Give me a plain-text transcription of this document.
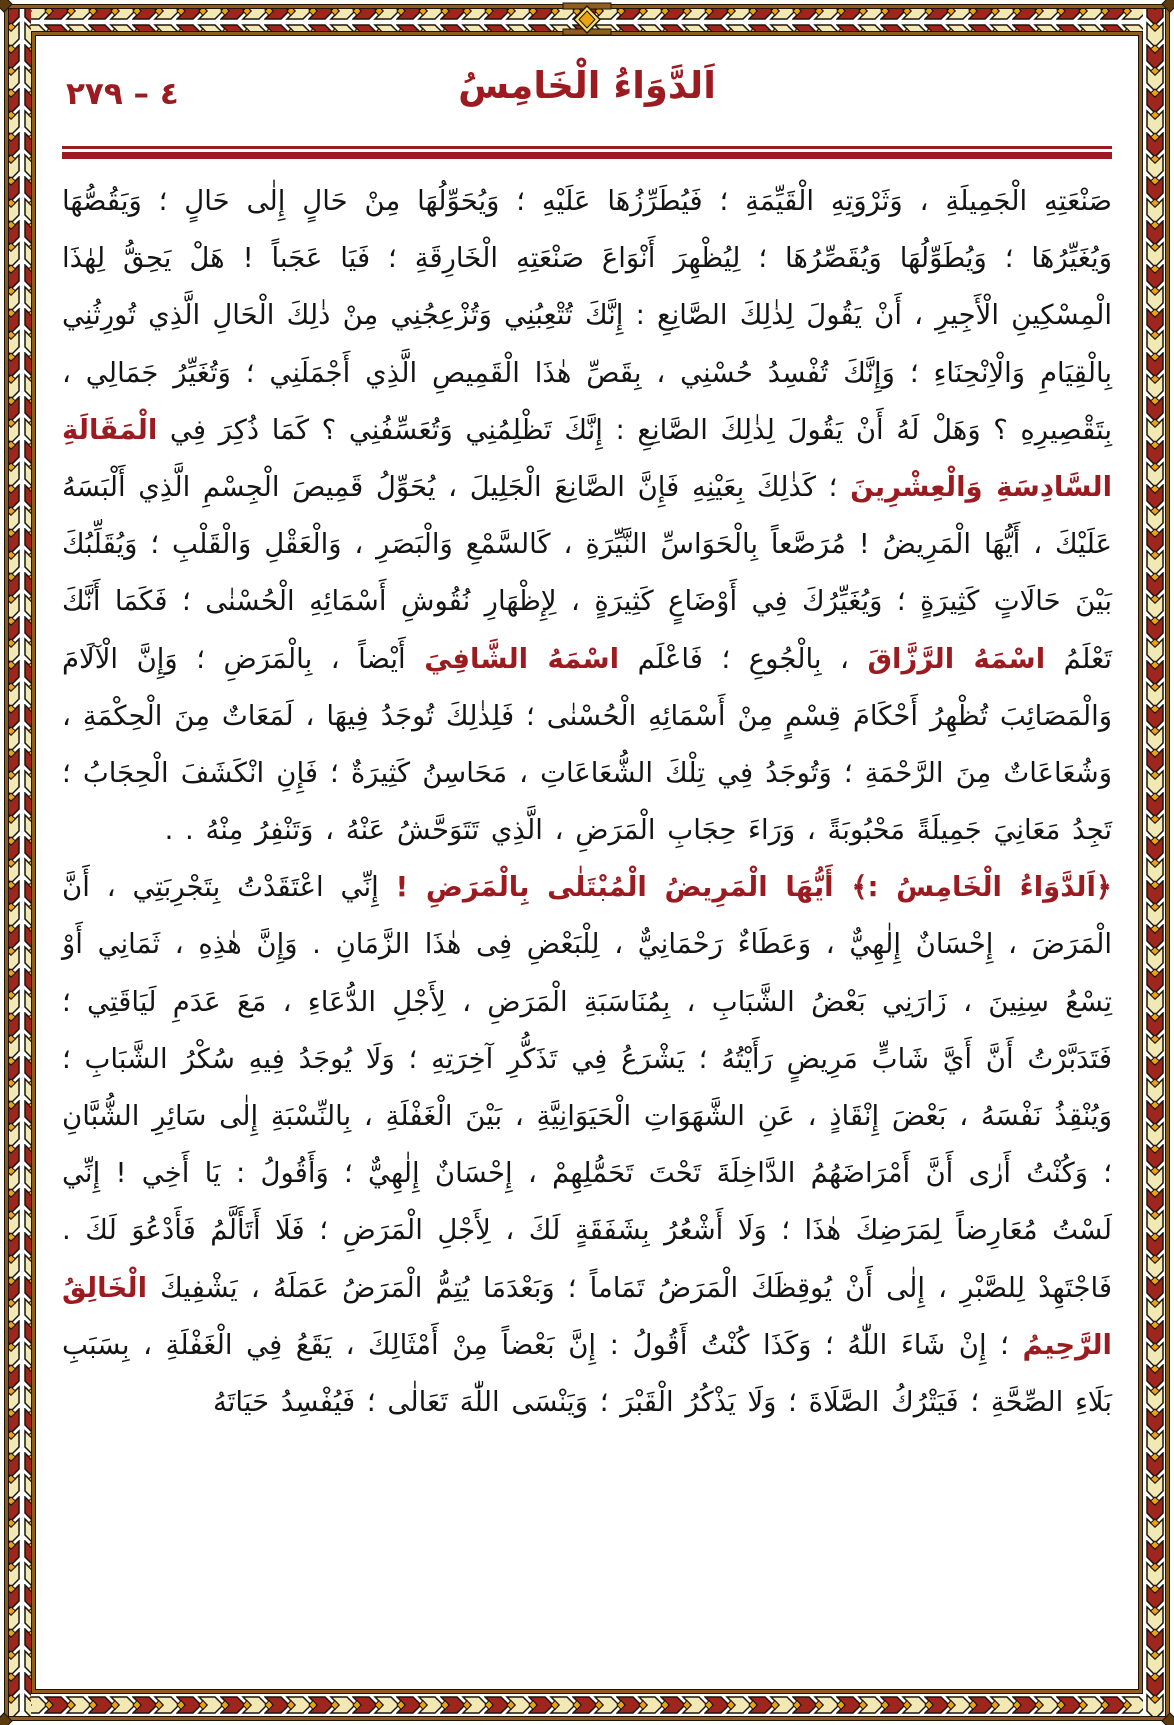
٤ – ٢٧٩	اَلدَّوَاءُ الْخَامِسُ

صَنْعَتِهِ الْجَمِيلَةِ ، وَثَرْوَتِهِ الْقَيِّمَةِ ؛ فَيُطَرِّزُهَا عَلَيْهِ ؛ وَيُحَوِّلُهَا مِنْ حَالٍ إِلٰى حَالٍ ؛ وَيَقُصُّهَا وَيُغَيِّرُهَا ؛ وَيُطَوِّلُهَا وَيُقَصِّرُهَا ؛ لِيُظْهِرَ أَنْوَاعَ صَنْعَتِهِ الْخَارِقَةِ ؛ فَيَا عَجَباً ! هَلْ يَحِقُّ لِهٰذَا الْمِسْكِينِ الْأَجِيرِ ، أَنْ يَقُولَ لِذٰلِكَ الصَّانِعِ : إِنَّكَ تُتْعِبُنِي وَتُزْعِجُنِي مِنْ ذٰلِكَ الْحَالِ الَّذِي تُورِثُنِي بِالْقِيَامِ وَالْاِنْحِنَاءِ ؛ وَإِنَّكَ تُفْسِدُ حُسْنِي ، بِقَصِّ هٰذَا الْقَمِيصِ الَّذِي أَجْمَلَنِي ؛ وَتُغَيِّرُ جَمَالِي ، بِتَقْصِيرِهِ ؟ وَهَلْ لَهُ أَنْ يَقُولَ لِذٰلِكَ الصَّانِعِ : إِنَّكَ تَظْلِمُنِي وَتُعَسِّفُنِي ؟ كَمَا ذُكِرَ فِي الْمَقَالَةِ السَّادِسَةِ وَالْعِشْرِينَ ؛ كَذٰلِكَ بِعَيْنِهِ فَإِنَّ الصَّانِعَ الْجَلِيلَ ، يُحَوِّلُ قَمِيصَ الْجِسْمِ الَّذِي أَلْبَسَهُ عَلَيْكَ ، أَيُّهَا الْمَرِيضُ ! مُرَصَّعاً بِالْحَوَاسِّ النَّيِّرَةِ ، كَالسَّمْعِ وَالْبَصَرِ ، وَالْعَقْلِ وَالْقَلْبِ ؛ وَيُقَلِّبُكَ بَيْنَ حَالَاتٍ كَثِيرَةٍ ؛ وَيُغَيِّرُكَ فِي أَوْضَاعٍ كَثِيرَةٍ ، لِإِظْهَارِ نُقُوشِ أَسْمَائِهِ الْحُسْنٰى ؛ فَكَمَا أَنَّكَ تَعْلَمُ اسْمَهُ الرَّزَّاقَ ، بِالْجُوعِ ؛ فَاعْلَم اسْمَهُ الشَّافِيَ أَيْضاً ، بِالْمَرَضِ ؛ وَإِنَّ الْآلَامَ وَالْمَصَائِبَ تُظْهِرُ أَحْكَامَ قِسْمٍ مِنْ أَسْمَائِهِ الْحُسْنٰى ؛ فَلِذٰلِكَ تُوجَدُ فِيهَا ، لَمَعَاتٌ مِنَ الْحِكْمَةِ ، وَشُعَاعَاتٌ مِنَ الرَّحْمَةِ ؛ وَتُوجَدُ فِي تِلْكَ الشُّعَاعَاتِ ، مَحَاسِنُ كَثِيرَةٌ ؛ فَإِنِ انْكَشَفَ الْحِجَابُ ؛ تَجِدُ مَعَانِيَ جَمِيلَةً مَحْبُوبَةً ، وَرَاءَ حِجَابِ الْمَرَضِ ، الَّذِي تَتَوَحَّشُ عَنْهُ ، وَتَنْفِرُ مِنْهُ . .

﴿اَلدَّوَاءُ الْخَامِسُ :﴾ أَيُّهَا الْمَرِيضُ الْمُبْتَلٰى بِالْمَرَضِ ! إِنِّي اعْتَقَدْتُ بِتَجْرِبَتِي ، أَنَّ الْمَرَضَ ، إِحْسَانٌ إِلٰهِيٌّ ، وَعَطَاءٌ رَحْمَانِيٌّ ، لِلْبَعْضِ فِى هٰذَا الزَّمَانِ . وَإِنَّ هٰذِهِ ، ثَمَانِي أَوْ تِسْعُ سِنِينَ ، زَارَنِي بَعْضُ الشَّبَابِ ، بِمُنَاسَبَةِ الْمَرَضِ ، لِأَجْلِ الدُّعَاءِ ، مَعَ عَدَمِ لَيَاقَتِي ؛ فَتَدَبَّرْتُ أَنَّ أَيَّ شَابٍّ مَرِيضٍ رَأَيْتُهُ ؛ يَشْرَعُ فِي تَذَكُّرِ آخِرَتِهِ ؛ وَلَا يُوجَدُ فِيهِ سُكْرُ الشَّبَابِ ؛ وَيُنْقِذُ نَفْسَهُ ، بَعْضَ إِنْقَاذٍ ، عَنِ الشَّهَوَاتِ الْحَيَوَانِيَّةِ ، بَيْنَ الْغَفْلَةِ ، بِالنِّسْبَةِ إِلٰى سَائِرِ الشُّبَّانِ ؛ وَكُنْتُ أَرٰى أَنَّ أَمْرَاضَهُمُ الدَّاخِلَةَ تَحْتَ تَحَمُّلِهِمْ ، إِحْسَانٌ إِلٰهِيٌّ ؛ وَأَقُولُ : يَا أَخِي ! إِنِّي لَسْتُ مُعَارِضاً لِمَرَضِكَ هٰذَا ؛ وَلَا أَشْعُرُ بِشَفَقَةٍ لَكَ ، لِأَجْلِ الْمَرَضِ ؛ فَلَا أَتَأَلَّمُ فَأَدْعُوَ لَكَ . فَاجْتَهِدْ لِلصَّبْرِ ، إِلٰى أَنْ يُوقِظَكَ الْمَرَضُ تَمَاماً ؛ وَبَعْدَمَا يُتِمُّ الْمَرَضُ عَمَلَهُ ، يَشْفِيكَ الْخَالِقُ الرَّحِيمُ ؛ إِنْ شَاءَ اللّٰهُ ؛ وَكَذَا كُنْتُ أَقُولُ : إِنَّ بَعْضاً مِنْ أَمْثَالِكَ ، يَقَعُ فِي الْغَفْلَةِ ، بِسَبَبِ بَلَاءِ الصِّحَّةِ ؛ فَيَتْرُكُ الصَّلَاةَ ؛ وَلَا يَذْكُرُ الْقَبْرَ ؛ وَيَنْسَى اللّٰهَ تَعَالٰى ؛ فَيُفْسِدُ حَيَاتَهُ
